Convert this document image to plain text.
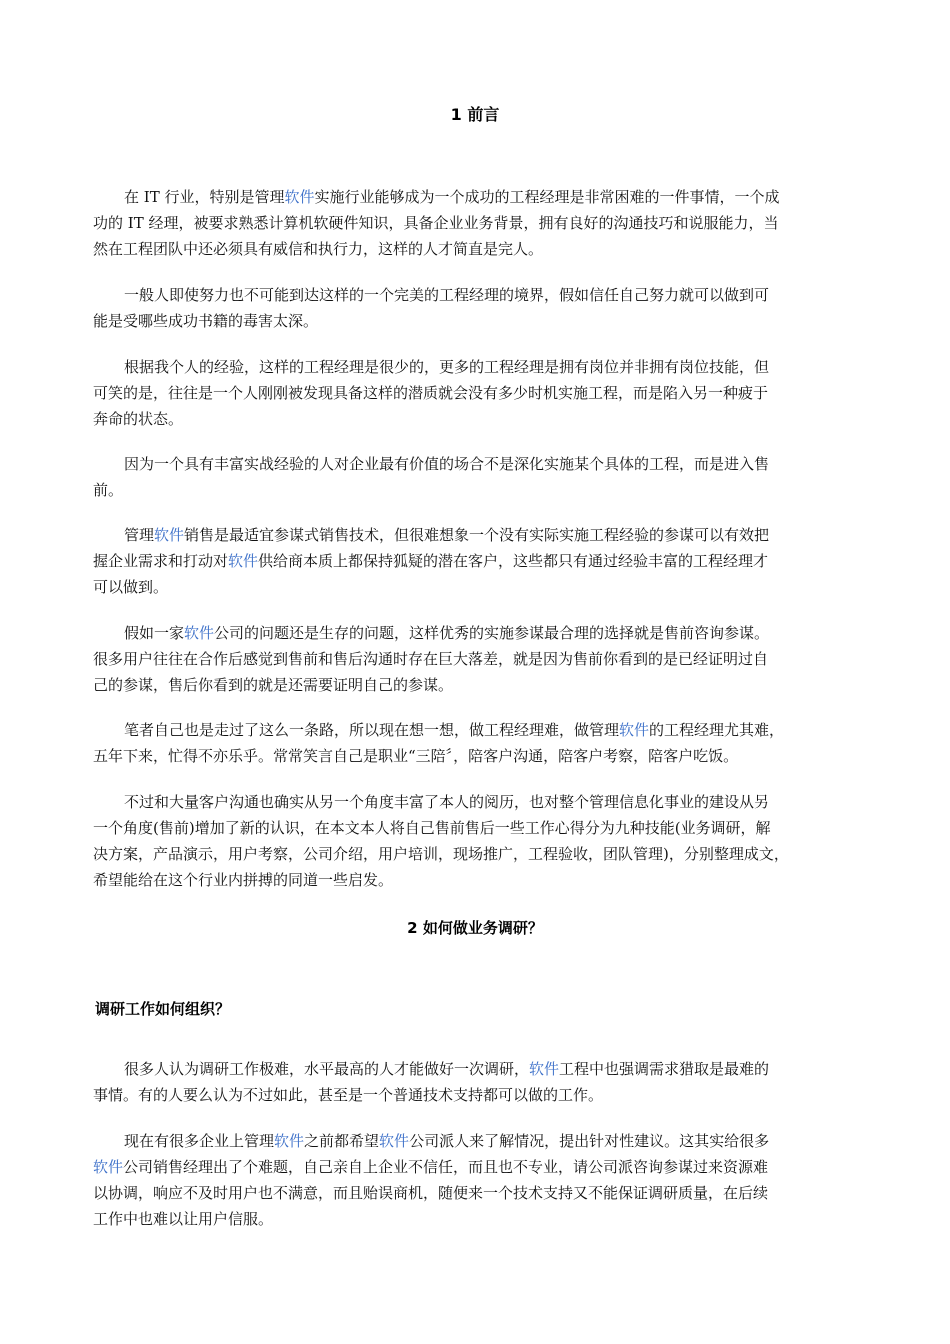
1 前言
在 IT 行业，特别是管理软件实施行业能够成为一个成功的工程经理是非常困难的一件事情，一个成
功的 IT 经理，被要求熟悉计算机软硬件知识，具备企业业务背景，拥有良好的沟通技巧和说服能力，当
然在工程团队中还必须具有威信和执行力，这样的人才简直是完人。
一般人即使努力也不可能到达这样的一个完美的工程经理的境界，假如信任自己努力就可以做到可
能是受哪些成功书籍的毒害太深。
根据我个人的经验，这样的工程经理是很少的，更多的工程经理是拥有岗位并非拥有岗位技能，但
可笑的是，往往是一个人刚刚被发现具备这样的潜质就会没有多少时机实施工程，而是陷入另一种疲于
奔命的状态。
因为一个具有丰富实战经验的人对企业最有价值的场合不是深化实施某个具体的工程，而是进入售
前。
管理软件销售是最适宜参谋式销售技术，但很难想象一个没有实际实施工程经验的参谋可以有效把
握企业需求和打动对软件供给商本质上都保持狐疑的潜在客户，这些都只有通过经验丰富的工程经理才
可以做到。
假如一家软件公司的问题还是生存的问题，这样优秀的实施参谋最合理的选择就是售前咨询参谋。
很多用户往往在合作后感觉到售前和售后沟通时存在巨大落差，就是因为售前你看到的是已经证明过自
己的参谋，售后你看到的就是还需要证明自己的参谋。
笔者自己也是走过了这么一条路，所以现在想一想，做工程经理难，做管理软件的工程经理尤其难，
五年下来，忙得不亦乐乎。常常笑言自己是职业“三陪〞，陪客户沟通，陪客户考察，陪客户吃饭。
不过和大量客户沟通也确实从另一个角度丰富了本人的阅历，也对整个管理信息化事业的建设从另
一个角度(售前)增加了新的认识，在本文本人将自己售前售后一些工作心得分为九种技能(业务调研，解
决方案，产品演示，用户考察，公司介绍，用户培训，现场推广，工程验收，团队管理)，分别整理成文，
希望能给在这个行业内拼搏的同道一些启发。
2 如何做业务调研？
调研工作如何组织？
很多人认为调研工作极难，水平最高的人才能做好一次调研，软件工程中也强调需求猎取是最难的
事情。有的人要么认为不过如此，甚至是一个普通技术支持都可以做的工作。
现在有很多企业上管理软件之前都希望软件公司派人来了解情况，提出针对性建议。这其实给很多
软件公司销售经理出了个难题，自己亲自上企业不信任，而且也不专业，请公司派咨询参谋过来资源难
以协调，响应不及时用户也不满意，而且贻误商机，随便来一个技术支持又不能保证调研质量，在后续
工作中也难以让用户信服。
